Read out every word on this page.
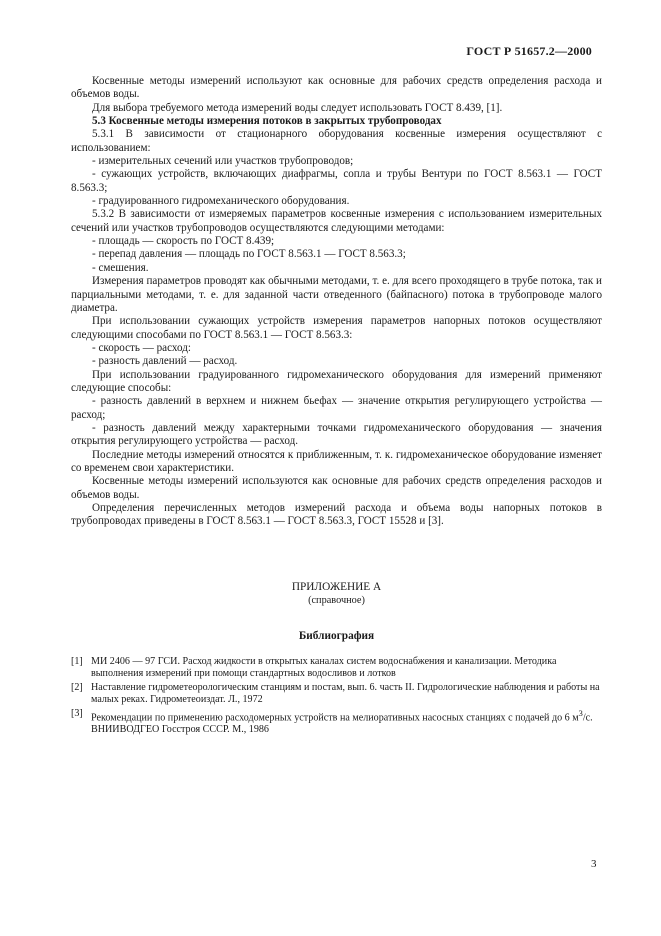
ГОСТ Р 51657.2—2000

Косвенные методы измерений используют как основные для рабочих средств определения расхода и объемов воды.

Для выбора требуемого метода измерений воды следует использовать ГОСТ 8.439, [1].

5.3 Косвенные методы измерения потоков в закрытых трубопроводах

5.3.1 В зависимости от стационарного оборудования косвенные измерения осуществляют с использованием:

- измерительных сечений или участков трубопроводов;

- сужающих устройств, включающих диафрагмы, сопла и трубы Вентури по ГОСТ 8.563.1 — ГОСТ 8.563.3;

- градуированного гидромеханического оборудования.

5.3.2 В зависимости от измеряемых параметров косвенные измерения с использованием измерительных сечений или участков трубопроводов осуществляются следующими методами:

- площадь — скорость по ГОСТ 8.439;

- перепад давления — площадь по ГОСТ 8.563.1 — ГОСТ 8.563.3;

- смешения.

Измерения параметров проводят как обычными методами, т. е. для всего проходящего в трубе потока, так и парциальными методами, т. е. для заданной части отведенного (байпасного) потока в трубопроводе малого диаметра.

При использовании сужающих устройств измерения параметров напорных потоков осуществляют следующими способами по ГОСТ 8.563.1 — ГОСТ 8.563.3:

- скорость — расход:

- разность давлений — расход.

При использовании градуированного гидромеханического оборудования для измерений применяют следующие способы:

- разность давлений в верхнем и нижнем бьефах — значение открытия регулирующего устройства — расход;

- разность давлений между характерными точками гидромеханического оборудования — значения открытия регулирующего устройства — расход.

Последние методы измерений относятся к приближенным, т. к. гидромеханическое оборудование изменяет со временем свои характеристики.

Косвенные методы измерений используются как основные для рабочих средств определения расходов и объемов воды.

Определения перечисленных методов измерений расхода и объема воды напорных потоков в трубопроводах приведены в ГОСТ 8.563.1 — ГОСТ 8.563.3, ГОСТ 15528 и [3].

ПРИЛОЖЕНИЕ А
(справочное)
Библиография
[1] МИ 2406 — 97 ГСИ. Расход жидкости в открытых каналах систем водоснабжения и канализации. Методика выполнения измерений при помощи стандартных водосливов и лотков
[2] Наставление гидрометеорологическим станциям и постам, вып. 6. часть II. Гидрологические наблюдения и работы на малых реках. Гидрометеоиздат. Л., 1972
[3] Рекомендации по применению расходомерных устройств на мелиоративных насосных станциях с подачей до 6 $м^3/с$. ВНИИВОДГЕО Госстроя СССР. М., 1986
3
